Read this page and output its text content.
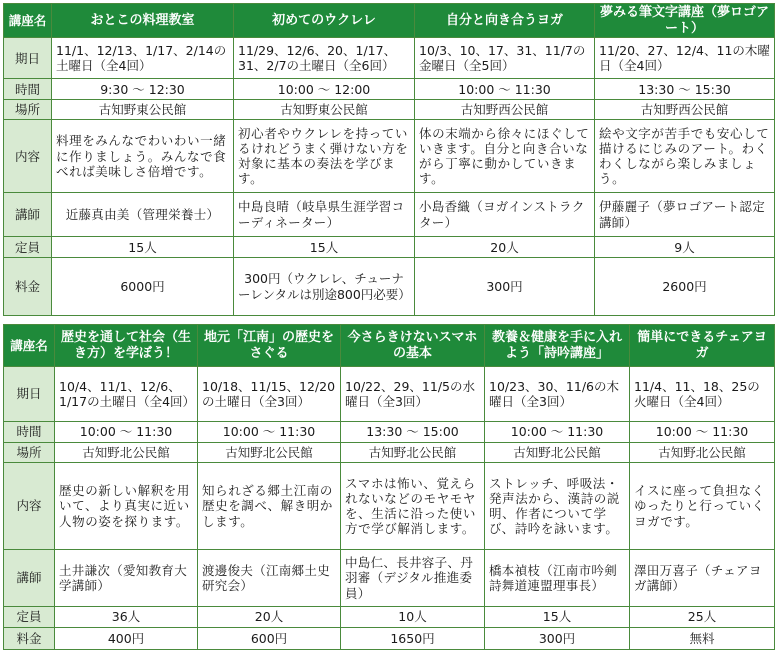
講座名	おとこの料理教室	初めてのウクレレ	自分と向き合うヨガ	夢みる筆文字講座（夢ロゴアート）
期日	11/1、12/13、1/17、2/14の土曜日（全4回）	11/29、12/6、20、1/17、31、2/7の土曜日（全6回）	10/3、10、17、31、11/7の金曜日（全5回）	11/20、27、12/4、11の木曜日（全4回）
時間	9:30 ～ 12:30	10:00 ～ 12:00	10:00 ～ 11:30	13:30 ～ 15:30
場所	古知野東公民館	古知野東公民館	古知野西公民館	古知野西公民館
内容	料理をみんなでわいわい一緒に作りましょう。みんなで食べれば美味しさ倍増です。	初心者やウクレレを持っているけれどうまく弾けない方を対象に基本の奏法を学びます。	体の末端から徐々にほぐしていきます。自分と向き合いながら丁寧に動かしていきます。	絵や文字が苦手でも安心して描けるにじみのアート。わくわくしながら楽しみましょう。
講師	近藤真由美（管理栄養士）	中島良晴（岐阜県生涯学習コーディネーター）	小島香織（ヨガインストラクター）	伊藤麗子（夢ロゴアート認定講師）
定員	15人	15人	20人	9人
料金	6000円	300円（ウクレレ、チューナーレンタルは別途800円必要）	300円	2600円
講座名	歴史を通して社会（生き方）を学ぼう！	地元「江南」の歴史をさぐる	今さらきけないスマホの基本	教養＆健康を手に入れよう「詩吟講座」	簡単にできるチェアヨガ
期日	10/4、11/1、12/6、1/17の土曜日（全4回）	10/18、11/15、12/20の土曜日（全3回）	10/22、29、11/5の水曜日（全3回）	10/23、30、11/6の木曜日（全3回）	11/4、11、18、25の火曜日（全4回）
時間	10:00 ～ 11:30	10:00 ～ 11:30	13:30 ～ 15:00	10:00 ～ 11:30	10:00 ～ 11:30
場所	古知野北公民館	古知野北公民館	古知野北公民館	古知野北公民館	古知野北公民館
内容	歴史の新しい解釈を用いて、より真実に近い人物の姿を探ります。	知られざる郷土江南の歴史を調べ、解き明かします。	スマホは怖い、覚えられないなどのモヤモヤを、生活に沿った使い方で学び解消します。	ストレッチ、呼吸法・発声法から、漢詩の説明、作者について学び、詩吟を詠います。	イスに座って負担なくゆったりと行っていくヨガです。
講師	土井謙次（愛知教育大学講師）	渡邊俊夫（江南郷土史研究会）	中島仁、長井容子、丹羽審（デジタル推進委員）	橋本禎枝（江南市吟剣詩舞道連盟理事長）	澤田万喜子（チェアヨガ講師）
定員	36人	20人	10人	15人	25人
料金	400円	600円	1650円	300円	無料
